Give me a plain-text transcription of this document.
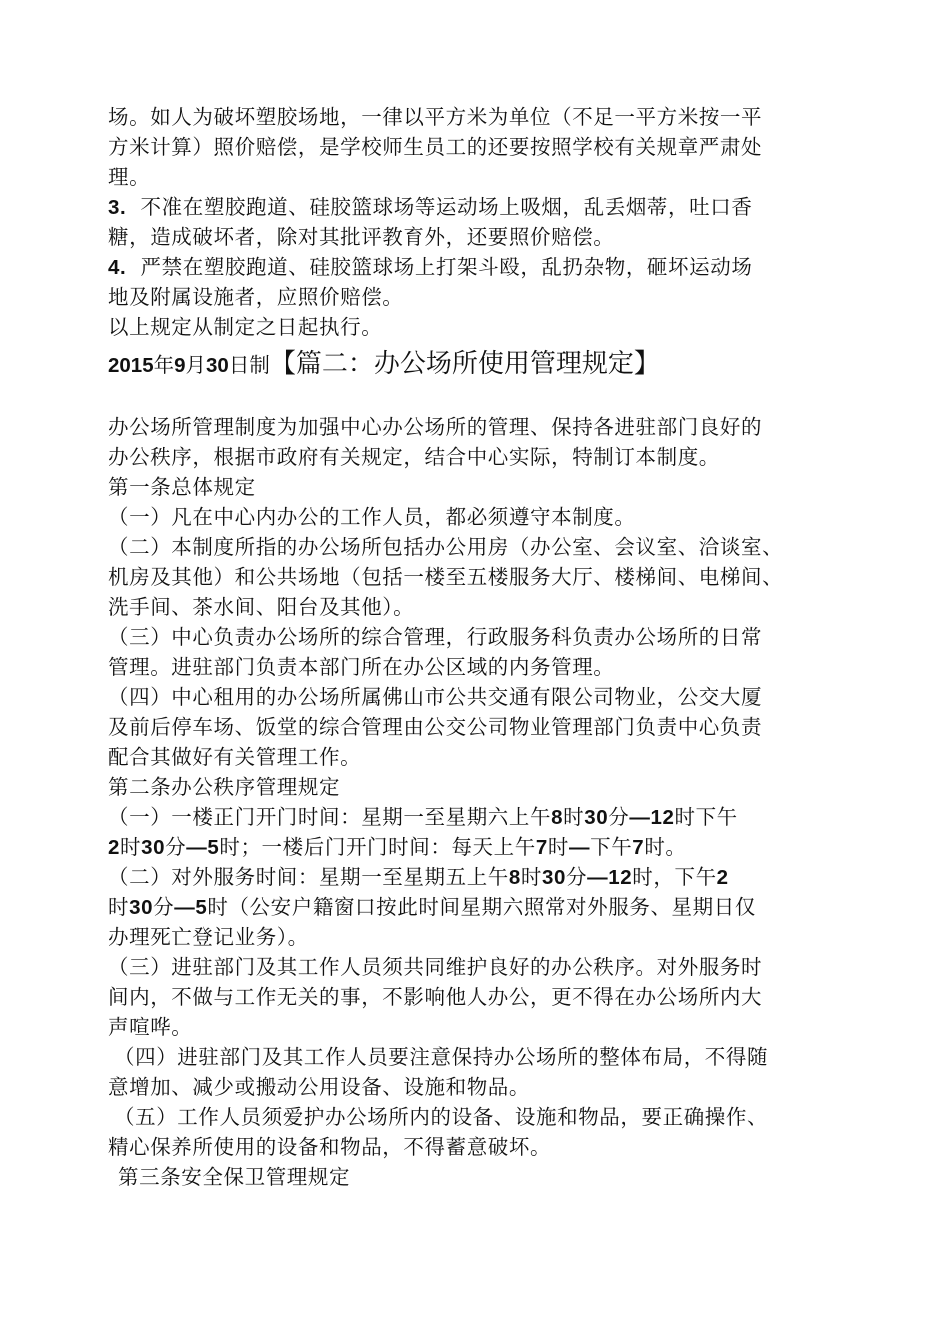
场。如人为破坏塑胶场地，一律以平方米为单位（不足一平方米按一平
方米计算）照价赔偿，是学校师生员工的还要按照学校有关规章严肃处
理。
3. 不准在塑胶跑道、硅胶篮球场等运动场上吸烟，乱丢烟蒂，吐口香
糖，造成破坏者，除对其批评教育外，还要照价赔偿。
4. 严禁在塑胶跑道、硅胶篮球场上打架斗殴，乱扔杂物，砸坏运动场
地及附属设施者，应照价赔偿。
以上规定从制定之日起执行。
2015年9月30日制【篇二：办公场所使用管理规定】
办公场所管理制度为加强中心办公场所的管理、保持各进驻部门良好的
办公秩序，根据市政府有关规定，结合中心实际，特制订本制度。
第一条总体规定
（一）凡在中心内办公的工作人员，都必须遵守本制度。
（二）本制度所指的办公场所包括办公用房（办公室、会议室、洽谈室、
机房及其他）和公共场地（包括一楼至五楼服务大厅、楼梯间、电梯间、
洗手间、茶水间、阳台及其他）。
（三）中心负责办公场所的综合管理，行政服务科负责办公场所的日常
管理。进驻部门负责本部门所在办公区域的内务管理。
（四）中心租用的办公场所属佛山市公共交通有限公司物业，公交大厦
及前后停车场、饭堂的综合管理由公交公司物业管理部门负责中心负责
配合其做好有关管理工作。
第二条办公秩序管理规定
（一）一楼正门开门时间：星期一至星期六上午8时30分—12时下午
2时30分—5时；一楼后门开门时间：每天上午7时—下午7时。
（二）对外服务时间：星期一至星期五上午8时30分—12时，下午2
时30分—5时（公安户籍窗口按此时间星期六照常对外服务、星期日仅
办理死亡登记业务）。
（三）进驻部门及其工作人员须共同维护良好的办公秩序。对外服务时
间内，不做与工作无关的事，不影响他人办公，更不得在办公场所内大
声喧哗。
（四）进驻部门及其工作人员要注意保持办公场所的整体布局，不得随
意增加、减少或搬动公用设备、设施和物品。
（五）工作人员须爱护办公场所内的设备、设施和物品，要正确操作、
精心保养所使用的设备和物品，不得蓄意破坏。
第三条安全保卫管理规定
